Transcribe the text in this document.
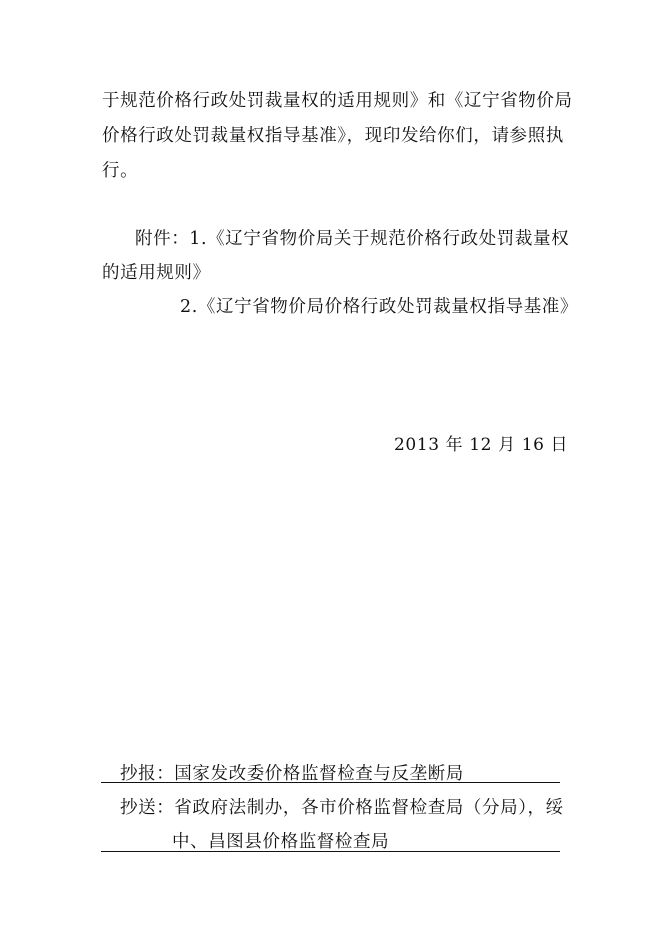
于规范价格行政处罚裁量权的适用规则》和《辽宁省物价局
价格行政处罚裁量权指导基准》，现印发给你们，请参照执
行。
附件：1.《辽宁省物价局关于规范价格行政处罚裁量权
的适用规则》
2.《辽宁省物价局价格行政处罚裁量权指导基准》
2013 年 12 月 16 日
抄报：国家发改委价格监督检查与反垄断局
抄送：省政府法制办，各市价格监督检查局（分局），绥
中、昌图县价格监督检查局
